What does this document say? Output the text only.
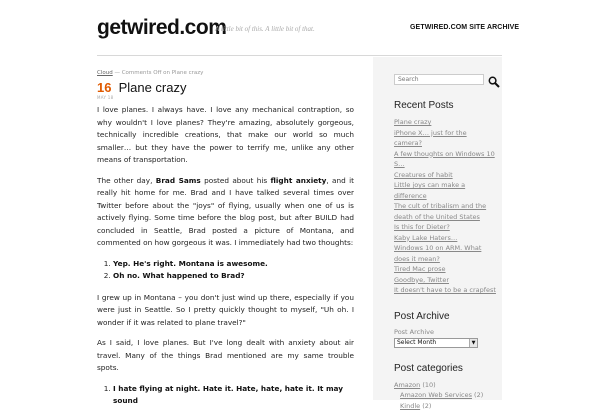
getwired.com
A little bit of this. A little bit of that.	GETWIRED.COM SITE ARCHIVE
Cloud — Comments Off on Plane crazy
$^{16}$ $^{Plane crazy}$
MAY 18

I love planes. I always have. I love any mechanical contraption, so why wouldn't I love planes? They're amazing, absolutely gorgeous, technically incredible creations, that make our world so much smaller… but they have the power to terrify me, unlike any other means of transportation.

The other day, Brad Sams posted about his flight anxiety, and it really hit home for me. Brad and I have talked several times over Twitter before about the "joys" of flying, usually when one of us is actively flying. Some time before the blog post, but after BUILD had concluded in Seattle, Brad posted a picture of Montana, and commented on how gorgeous it was. I immediately had two thoughts:

1. Yep. He's right. Montana is awesome.
2. Oh no. What happened to Brad?

I grew up in Montana – you don't just wind up there, especially if you were just in Seattle. So I pretty quickly thought to myself, "Uh oh. I wonder if it was related to plane travel?"

As I said, I love planes. But I've long dealt with anxiety about air travel. Many of the things Brad mentioned are my same trouble spots.

1. I hate flying at night. Hate it. Hate, hate, hate it. It may sound
Search
Recent Posts
Plane crazy
iPhone X… just for the camera?
A few thoughts on Windows 10 S…
Creatures of habit
Little joys can make a difference
The cult of tribalism and the death of the United States
Is this for Dieter?
Kaby Lake Haters…
Windows 10 on ARM. What does it mean?
Tired Mac prose
Goodbye, Twitter
It doesn't have to be a crapfest
Post Archive
Post Archive
Select Month	▼
Post categories
Amazon (10)
Amazon Web Services (2)
Kindle (2)
